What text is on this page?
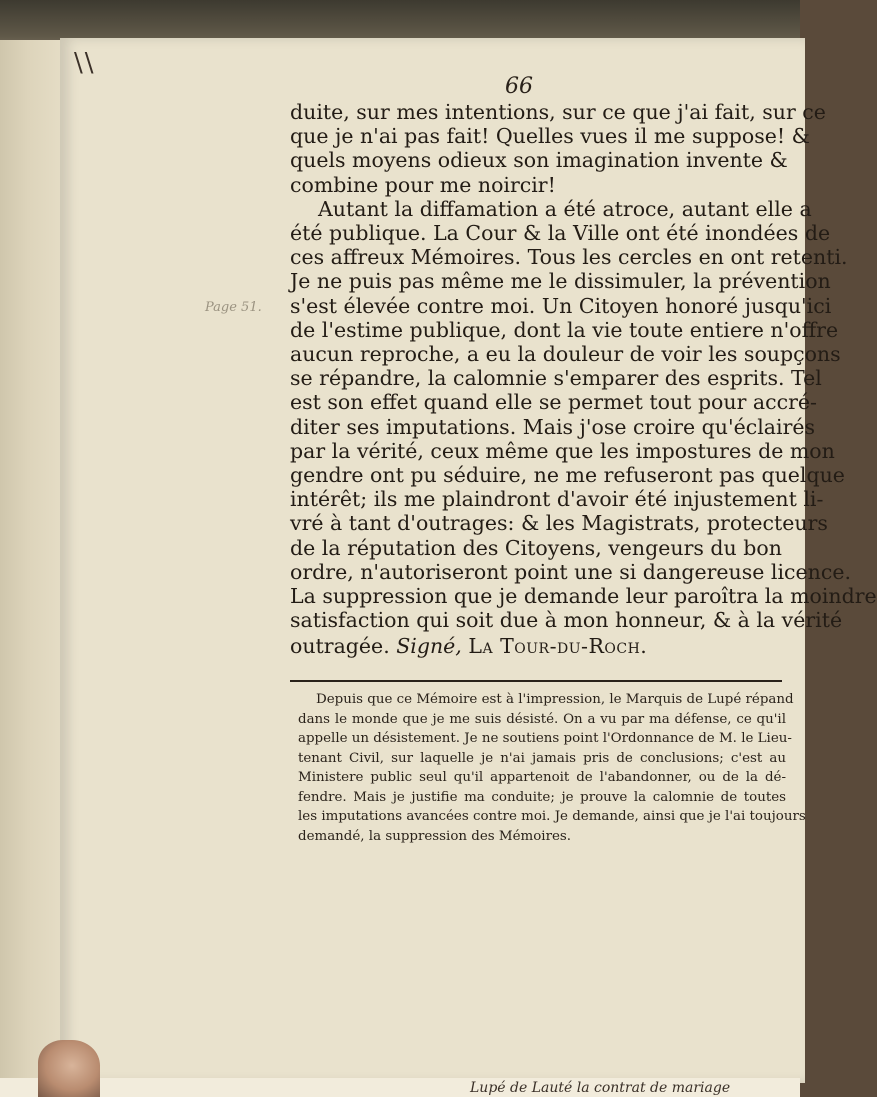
\\
66
Page 51.
duite, sur mes intentions, sur ce que j'ai fait, sur ce
que je n'ai pas fait! Quelles vues il me suppose! &
quels moyens odieux son imagination invente &
combine pour me noircir!
Autant la diffamation a été atroce, autant elle a
été publique. La Cour & la Ville ont été inondées de
ces affreux Mémoires. Tous les cercles en ont retenti.
Je ne puis pas même me le dissimuler, la prévention
s'est élevée contre moi. Un Citoyen honoré jusqu'ici
de l'estime publique, dont la vie toute entiere n'offre
aucun reproche, a eu la douleur de voir les soupçons
se répandre, la calomnie s'emparer des esprits. Tel
est son effet quand elle se permet tout pour accré-
diter ses imputations. Mais j'ose croire qu'éclairés
par la vérité, ceux même que les impostures de mon
gendre ont pu séduire, ne me refuseront pas quelque
intérêt; ils me plaindront d'avoir été injustement li-
vré à tant d'outrages: & les Magistrats, protecteurs
de la réputation des Citoyens, vengeurs du bon
ordre, n'autoriseront point une si dangereuse licence.
La suppression que je demande leur paroîtra la moindre
satisfaction qui soit due à mon honneur, & à la vérité
outragée. Signé, La Tour-du-Roch.
Depuis que ce Mémoire est à l'impression, le Marquis de Lupé répand
dans le monde que je me suis désisté. On a vu par ma défense, ce qu'il
appelle un désistement. Je ne soutiens point l'Ordonnance de M. le Lieu-
tenant Civil, sur laquelle je n'ai jamais pris de conclusions; c'est au
Ministere public seul qu'il appartenoit de l'abandonner, ou de la dé-
fendre. Mais je justifie ma conduite; je prouve la calomnie de toutes
les imputations avancées contre moi. Je demande, ainsi que je l'ai toujours
demandé, la suppression des Mémoires.
Lupé de Lauté la contrat de mariage
